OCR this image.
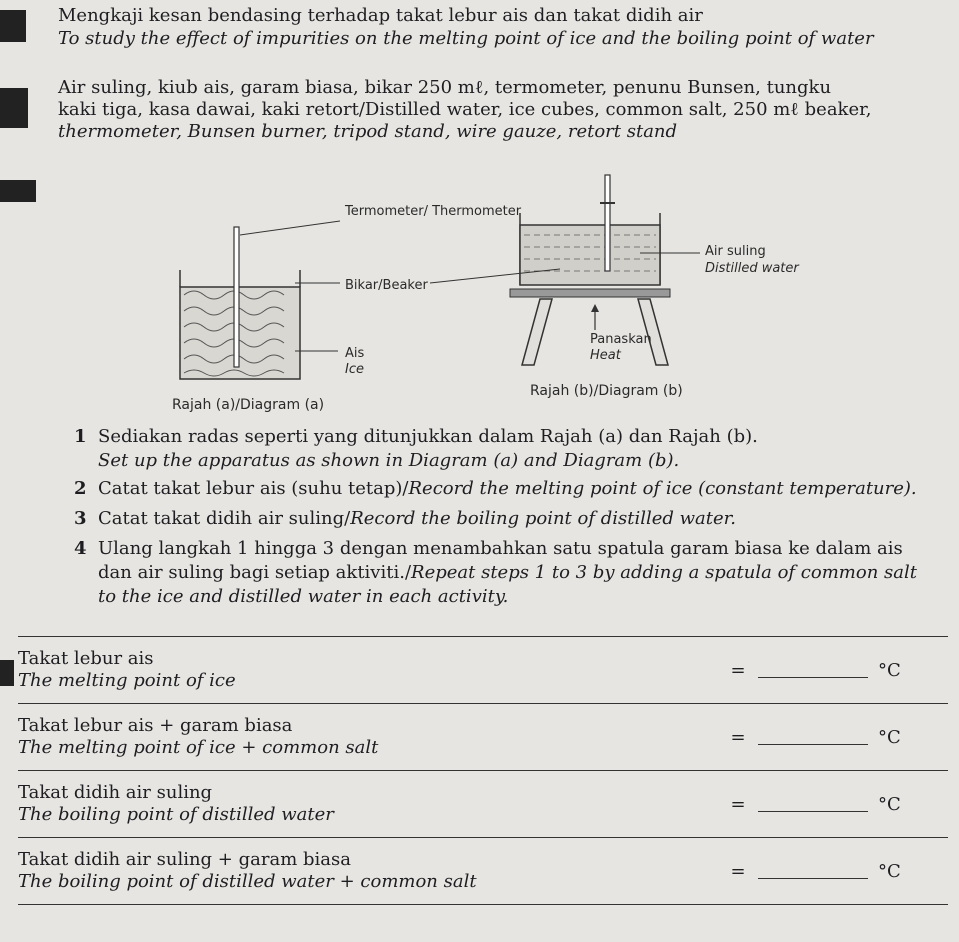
Mengkaji kesan bendasing terhadap takat lebur ais dan takat didih air
To study the effect of impurities on the melting point of ice and the boiling point of water
Air suling, kiub ais, garam biasa, bikar 250 mℓ, termometer, penunu Bunsen, tungku
kaki tiga, kasa dawai, kaki retort/Distilled water, ice cubes, common salt, 250 mℓ beaker,
thermometer, Bunsen burner, tripod stand, wire gauze, retort stand
Termometer/ Thermometer
Bikar/Beaker
Ais
Ice
Rajah (a)/Diagram (a)
Air suling
Distilled water
Panaskan
Heat
Rajah (b)/Diagram (b)
1 Sediakan radas seperti yang ditunjukkan dalam Rajah (a) dan Rajah (b).
Set up the apparatus as shown in Diagram (a) and Diagram (b).
2 Catat takat lebur ais (suhu tetap)/Record the melting point of ice (constant temperature).
3 Catat takat didih air suling/Record the boiling point of distilled water.
4 Ulang langkah 1 hingga 3 dengan menambahkan satu spatula garam biasa ke dalam ais dan air suling bagi setiap aktiviti./Repeat steps 1 to 3 by adding a spatula of common salt to the ice and distilled water in each activity.
Takat lebur ais
The melting point of ice	=		°C

Takat lebur ais + garam biasa
The melting point of ice + common salt	=		°C

Takat didih air suling
The boiling point of distilled water	=		°C

Takat didih air suling + garam biasa
The boiling point of distilled water + common salt	=		°C
